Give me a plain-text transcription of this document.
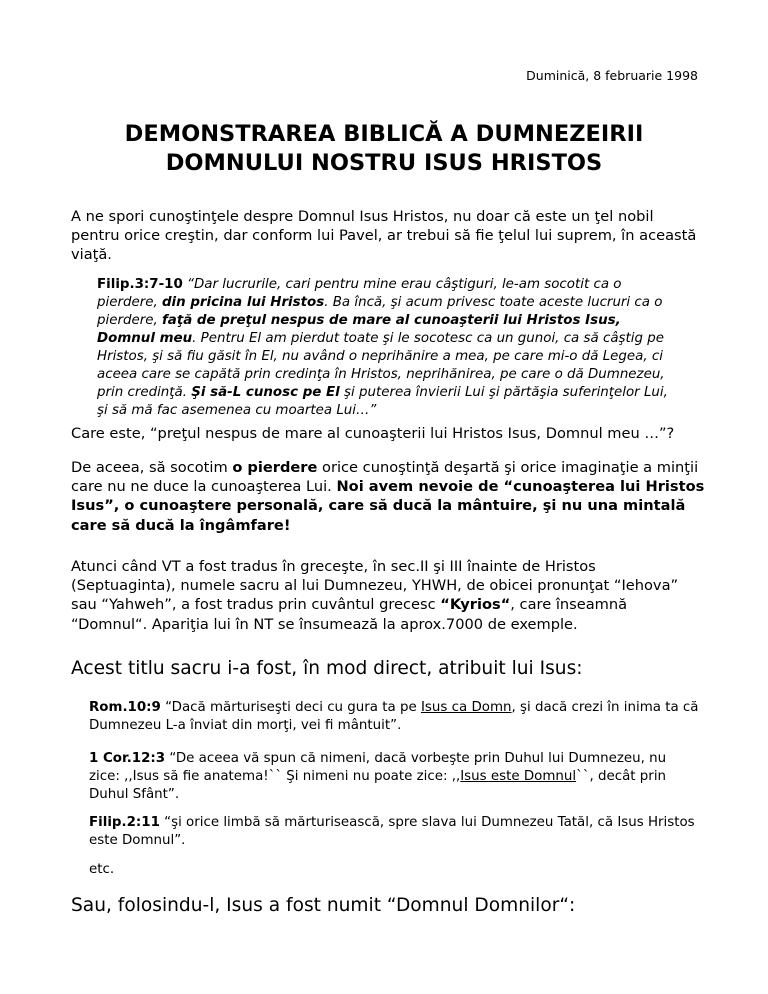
Duminică, 8 februarie 1998
DEMONSTRAREA BIBLICĂ A DUMNEZEIRII
DOMNULUI NOSTRU ISUS HRISTOS
A ne spori cunoştinţele despre Domnul Isus Hristos, nu doar că este un ţel nobil pentru orice creştin, dar conform lui Pavel, ar trebui să fie ţelul lui suprem, în această viaţă.
Filip.3:7-10 “Dar lucrurile, cari pentru mine erau câştiguri, le-am socotit ca o pierdere, din pricina lui Hristos. Ba încă, şi acum privesc toate aceste lucruri ca o pierdere, faţă de preţul nespus de mare al cunoaşterii lui Hristos Isus, Domnul meu. Pentru El am pierdut toate şi le socotesc ca un gunoi, ca să câştig pe Hristos, şi să fiu găsit în El, nu având o neprihănire a mea, pe care mi-o dă Legea, ci aceea care se capătă prin credinţa în Hristos, neprihănirea, pe care o dă Dumnezeu, prin credinţă. Şi să-L cunosc pe El şi puterea învierii Lui şi părtăşia suferinţelor Lui, şi să mă fac asemenea cu moartea Lui…”
Care este, “preţul nespus de mare al cunoaşterii lui Hristos Isus, Domnul meu …”?
De aceea, să socotim o pierdere orice cunoştinţă deşartă şi orice imaginaţie a minţii care nu ne duce la cunoaşterea Lui. Noi avem nevoie de “cunoaşterea lui Hristos Isus”, o cunoaştere personală, care să ducă la mântuire, şi nu una mintală care să ducă la îngâmfare!
Atunci când VT a fost tradus în greceşte, în sec.II şi III înainte de Hristos (Septuaginta), numele sacru al lui Dumnezeu, YHWH, de obicei pronunţat “Iehova” sau “Yahweh”, a fost tradus prin cuvântul grecesc “Kyrios“, care înseamnă “Domnul“. Apariţia lui în NT se însumează la aprox.7000 de exemple.
Acest titlu sacru i-a fost, în mod direct, atribuit lui Isus:
Rom.10:9 “Dacă mărturiseşti deci cu gura ta pe Isus ca Domn, şi dacă crezi în inima ta că Dumnezeu L-a înviat din morţi, vei fi mântuit”.
1 Cor.12:3 “De aceea vă spun că nimeni, dacă vorbeşte prin Duhul lui Dumnezeu, nu zice: ,,Isus să fie anatema!`` Şi nimeni nu poate zice: ,,Isus este Domnul``, decât prin Duhul Sfânt”.
Filip.2:11 “şi orice limbă să mărturisească, spre slava lui Dumnezeu Tatăl, că Isus Hristos este Domnul”.
etc.
Sau, folosindu-l, Isus a fost numit “Domnul Domnilor“:
